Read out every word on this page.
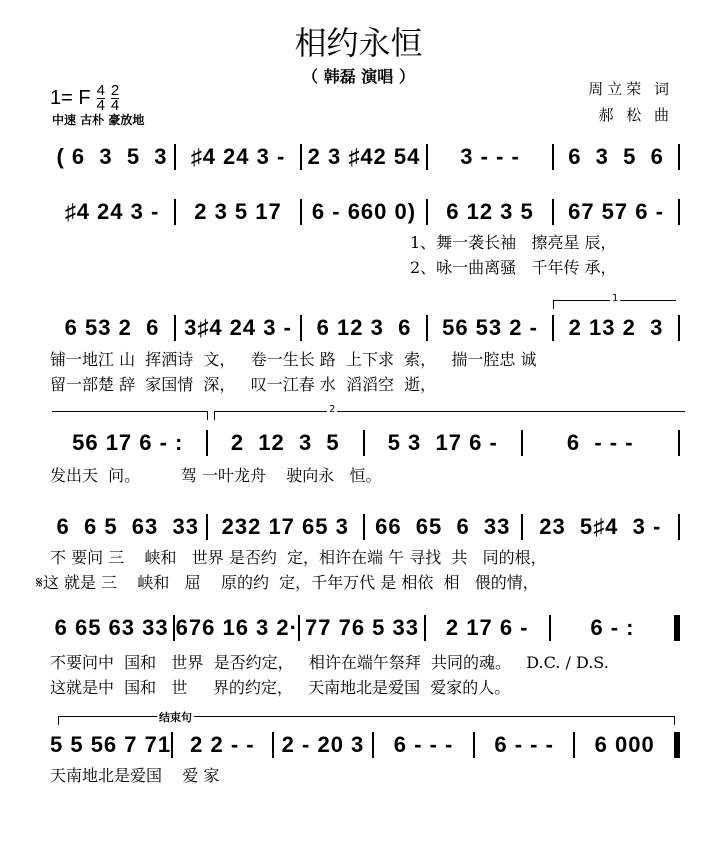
相约永恒
（ 韩磊 演唱 ）
1= F $\frac{4}{4} \frac{2}{4}$
中速 古朴 豪放地
周立荣 词
郝 松 曲
( 6  3  5  3	♯4 24 3 -	2 3 ♯42 54	3 - - -	6  3  5  6
♯4 24 3 -	2 3 5 17	6 - 660 0)	6 12 3 5	67 57 6 -
1、舞一袭长袖   擦亮星 辰，
2、咏一曲离骚   千年传 承，
1
6 53 2  6	3♯4 24 3 -	6 12 3  6	56 53 2 -	2 13 2  3
铺一地江 山  挥洒诗  文，   卷一生长 路  上下求  索，   揣一腔忠 诚
留一部楚 辞  家国情  深，   叹一江春 水  滔滔空  逝，
2
56 17 6 - :	2  12  3  5	5 3  17 6 -	6  - - -
发出天  问。        驾 一叶龙舟    驶向永   恒。
6  6 5  63  33	232 17 65 3	66  65  6  33	23  5♯4  3 -
不 要问 三    峡和   世界 是否约  定，相许在端 午 寻找  共   同的根，
𝄋这 就是 三    峡和   屈    原的约  定，千年万代 是 相依  相   偎的情，
6 65 63 33 676 16 3 2· 77 76 5 33	2 17 6 -	6 - :
不要问中  国和   世界  是否约定，   相许在端午祭拜  共同的魂。   D.C. / D.S.
这就是中  国和   世     界的约定，   天南地北是爱国  爱家的人。
结束句
5 5 56 7 71 2 2 - -	2 - 20 3	6 - - -	6 - - -	6 000
天南地北是爱国    爱 家
